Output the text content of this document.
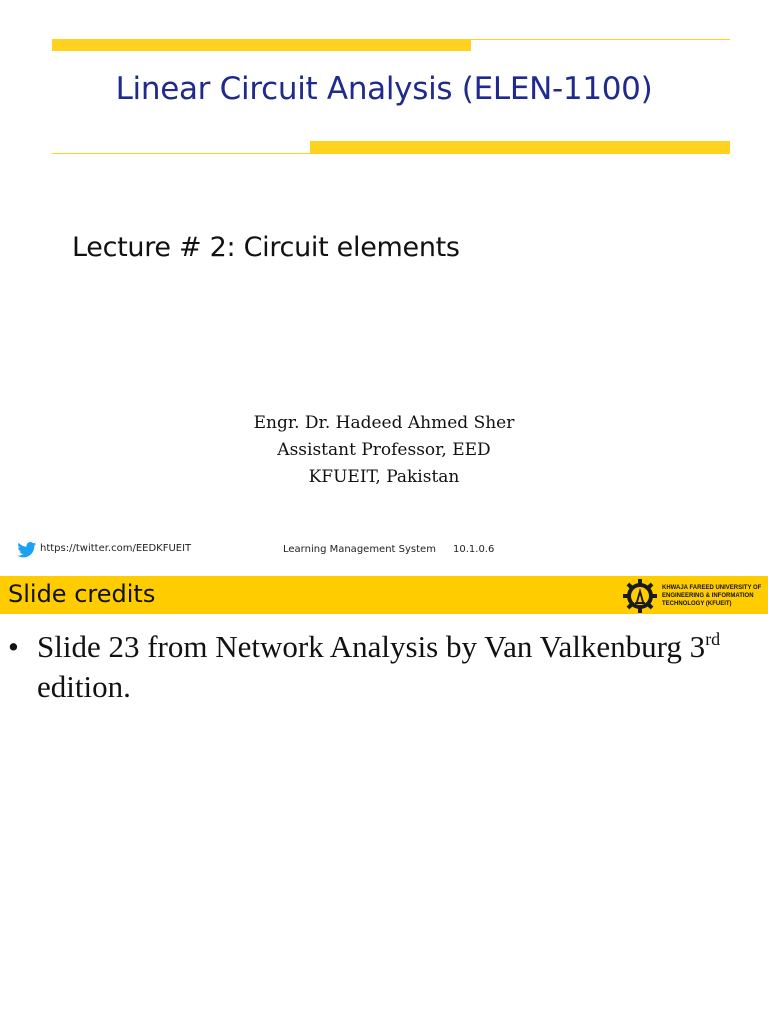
Linear Circuit Analysis (ELEN-1100)
Lecture # 2: Circuit elements
Engr. Dr. Hadeed Ahmed Sher
Assistant Professor, EED
KFUEIT, Pakistan
https://twitter.com/EEDKFUEIT	Learning Management System 10.1.0.6
Slide credits	KHWAJA FAREED UNIVERSITY OF
ENGINEERING & INFORMATION
TECHNOLOGY (KFUEIT)
• Slide 23 from Network Analysis by Van Valkenburg 3rd edition.
